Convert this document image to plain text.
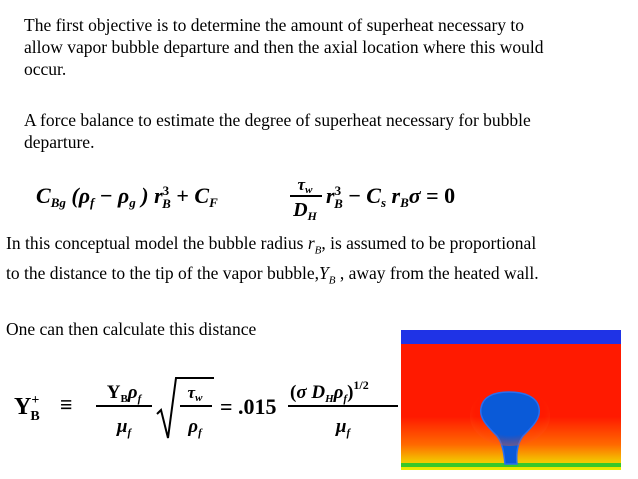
The first objective is to determine the amount of superheat necessary to allow vapor bubble departure and then the axial location where this would occur.
A force balance to estimate the degree of superheat necessary for bubble departure.
CBg (ρf − ρg ) $r^3$ B + CF
τw
$D_H$
$r^3$ B − Cs rBσ = 0
In this conceptual model the bubble radius $r_B$, is assumed to be proportional to the distance to the tip of the vapor $bubble,Y_B$ , away from the heated wall.
One can then calculate this distance
Y+ $B \equiv Y_B\rho_f$
$\mu_f$
τw
$\rho_f$
= .015
(σ $D_H\rho_f)^{1/2}$
$\mu_f$
